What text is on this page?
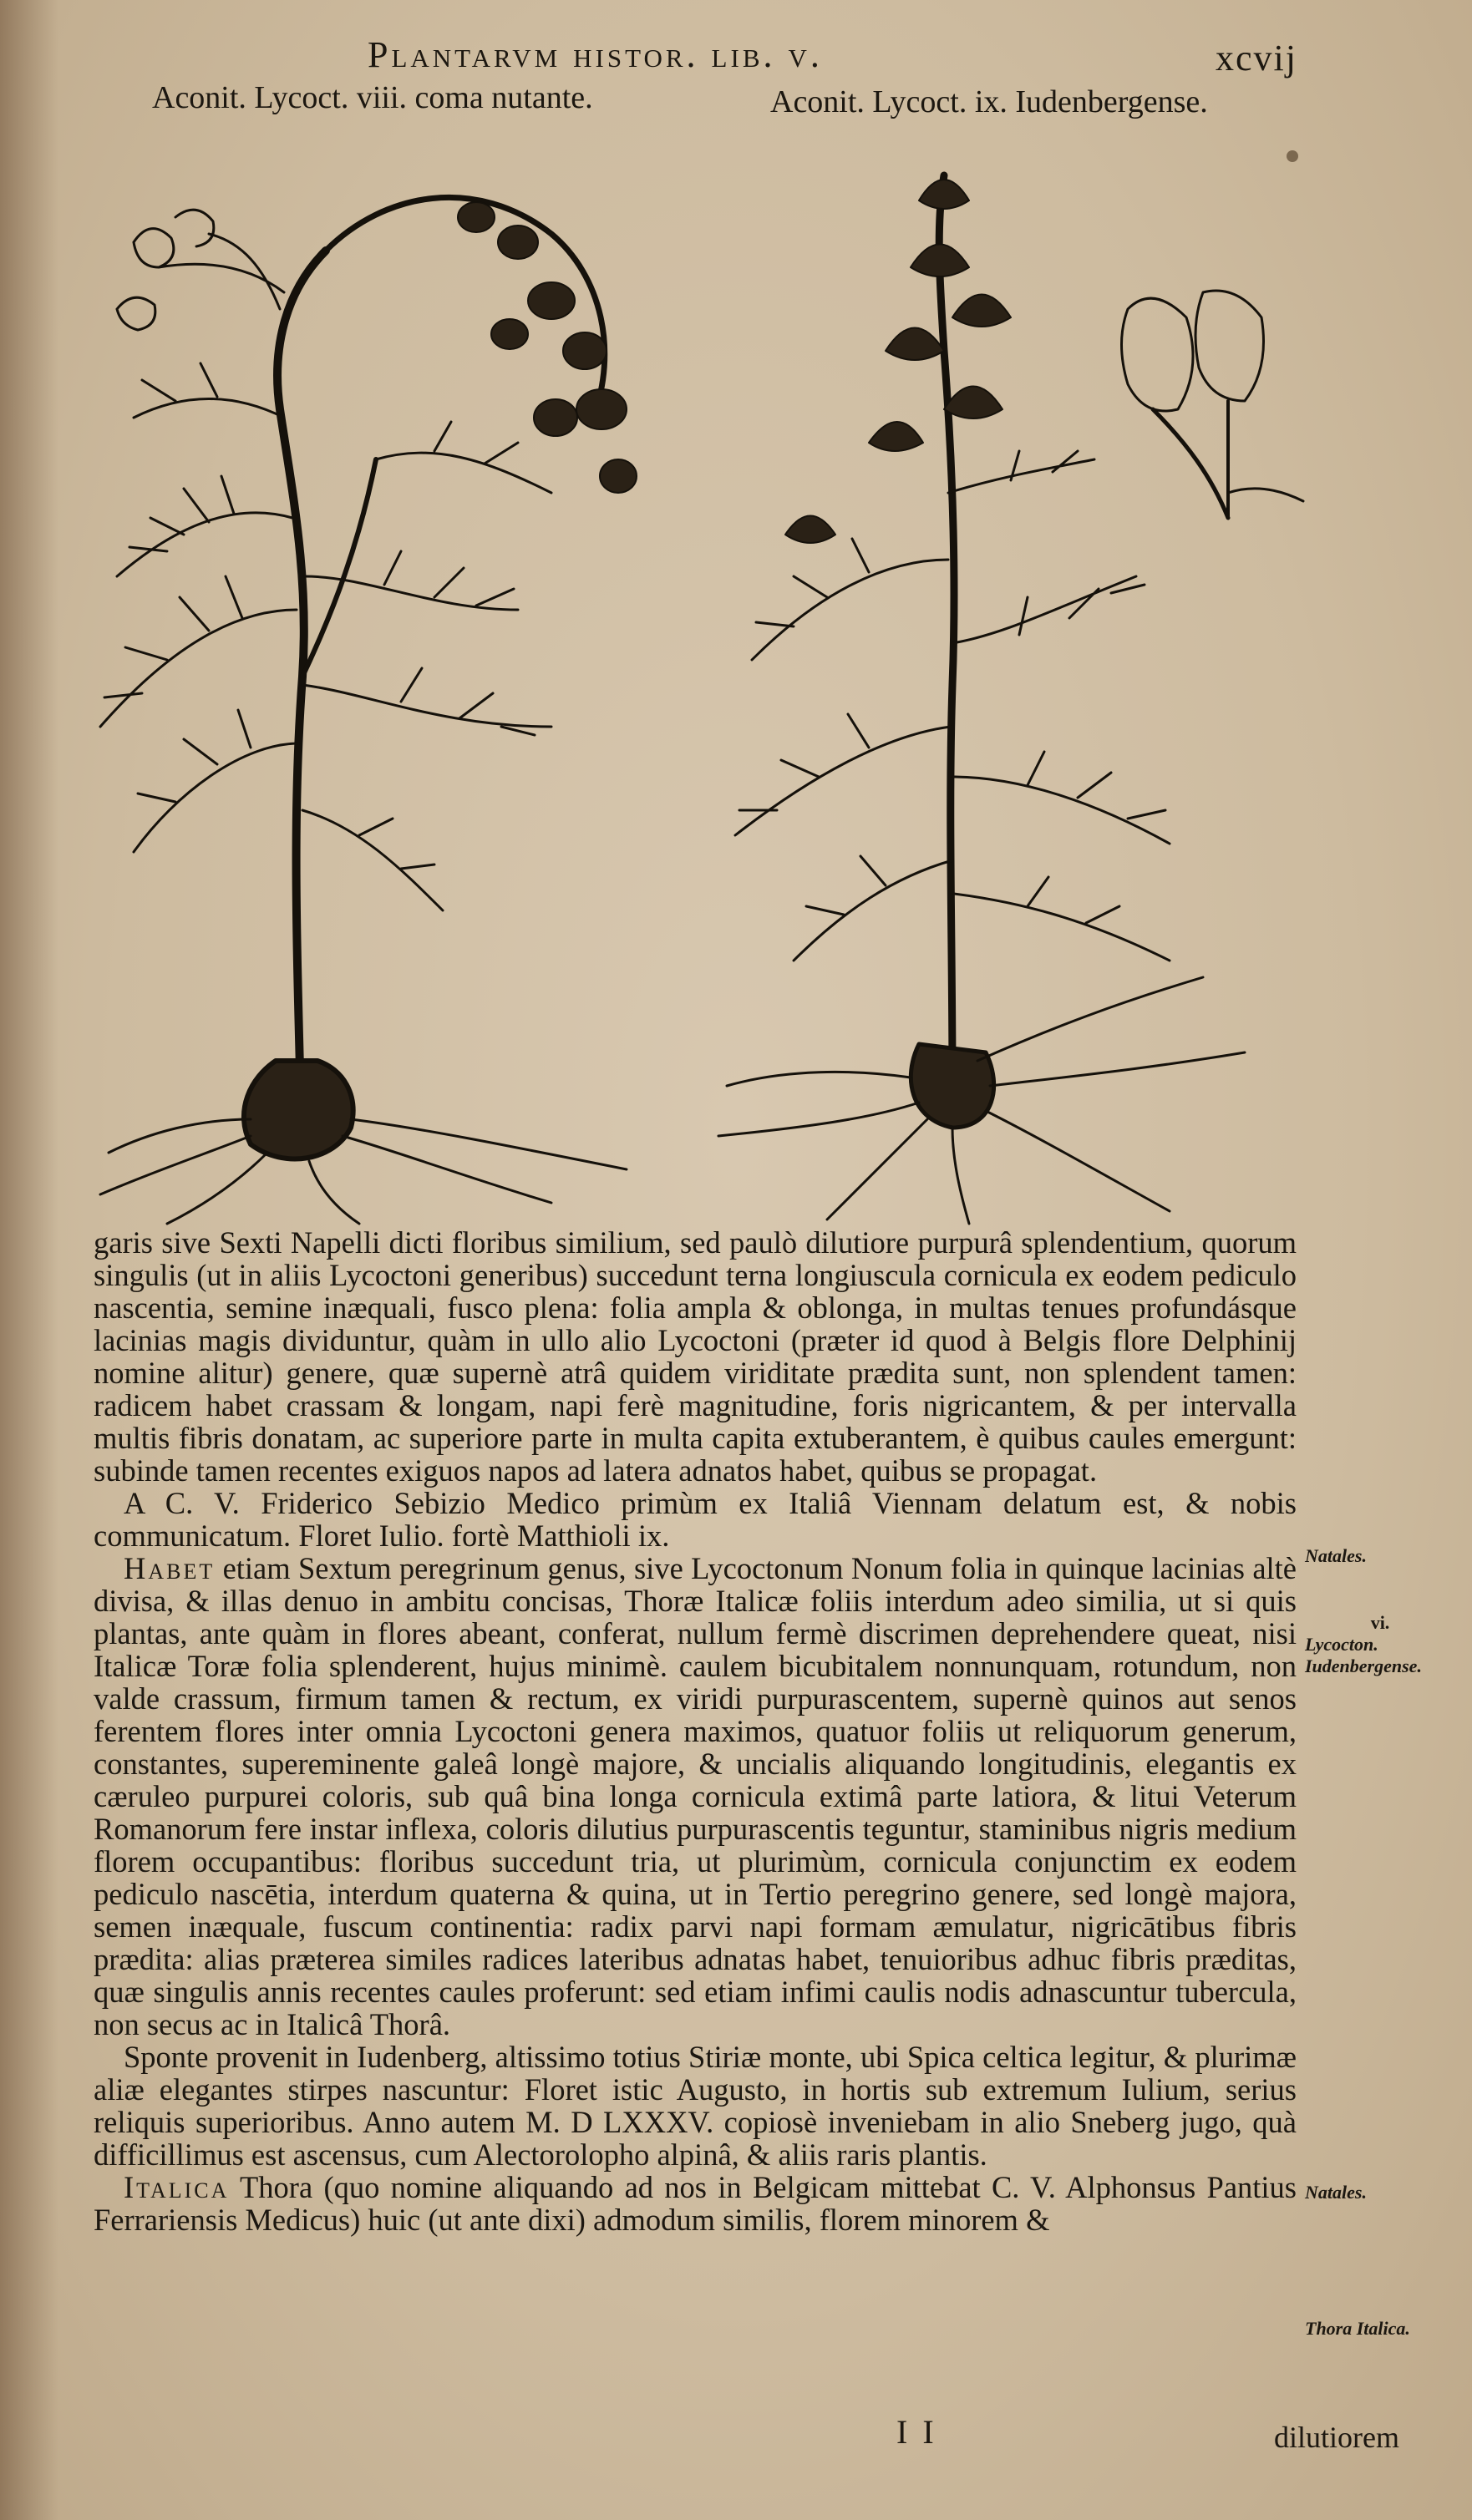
Plantarvm histor. lib. v.	xcvij
Aconit. Lycoct. viii. coma nutante.	Aconit. Lycoct. ix. Iudenbergense.

garis sive Sexti Napelli dicti floribus similium, sed paulò dilutiore purpurâ splendentium, quorum singulis (ut in aliis Lycoctoni generibus) succedunt terna longiuscula cornicula ex eodem pediculo nascentia, semine inæquali, fusco plena: folia ampla & oblonga, in multas tenues profundásque lacinias magis dividuntur, quàm in ullo alio Lycoctoni (præter id quod à Belgis flore Delphinij nomine alitur) genere, quæ supernè atrâ quidem viriditate prædita sunt, non splendent tamen: radicem habet crassam & longam, napi ferè magnitudine, foris nigricantem, & per intervalla multis fibris donatam, ac superiore parte in multa capita extuberantem, è quibus caules emergunt: subinde tamen recentes exiguos napos ad latera adnatos habet, quibus se propagat.

A C. V. Friderico Sebizio Medico primùm ex Italiâ Viennam delatum est, & nobis communicatum. Floret Iulio. fortè Matthioli ix.

Habet etiam Sextum peregrinum genus, sive Lycoctonum Nonum folia in quinque lacinias altè divisa, & illas denuo in ambitu concisas, Thoræ Italicæ foliis interdum adeo similia, ut si quis plantas, ante quàm in flores abeant, conferat, nullum fermè discrimen deprehendere queat, nisi Italicæ Toræ folia splenderent, hujus minimè. caulem bicubitalem nonnunquam, rotundum, non valde crassum, firmum tamen & rectum, ex viridi purpurascentem, supernè quinos aut senos ferentem flores inter omnia Lycoctoni genera maximos, quatuor foliis ut reliquorum generum, constantes, supereminente galeâ longè majore, & uncialis aliquando longitudinis, elegantis ex cæruleo purpurei coloris, sub quâ bina longa cornicula extimâ parte latiora, & litui Veterum Romanorum fere instar inflexa, coloris dilutius purpurascentis teguntur, staminibus nigris medium florem occupantibus: floribus succedunt tria, ut plurimùm, cornicula conjunctim ex eodem pediculo nascētia, interdum quaterna & quina, ut in Tertio peregrino genere, sed longè majora, semen inæquale, fuscum continentia: radix parvi napi formam æmulatur, nigricātibus fibris prædita: alias præterea similes radices lateribus adnatas habet, tenuioribus adhuc fibris præditas, quæ singulis annis recentes caules proferunt: sed etiam infimi caulis nodis adnascuntur tubercula, non secus ac in Italicâ Thorâ.

Sponte provenit in Iudenberg, altissimo totius Stiriæ monte, ubi Spica celtica legitur, & plurimæ aliæ elegantes stirpes nascuntur: Floret istic Augusto, in hortis sub extremum Iulium, serius reliquis superioribus. Anno autem M. D LXXXV. copiosè inveniebam in alio Sneberg jugo, quà difficillimus est ascensus, cum Alectorolopho alpinâ, & aliis raris plantis.

Italica Thora (quo nomine aliquando ad nos in Belgicam mittebat C. V. Alphonsus Pantius Ferrariensis Medicus) huic (ut ante dixi) admodum similis, florem minorem &

Natales.
vi.
Lycocton. Iudenbergense.
Natales.
Thora Italica.
I I	dilutiorem
